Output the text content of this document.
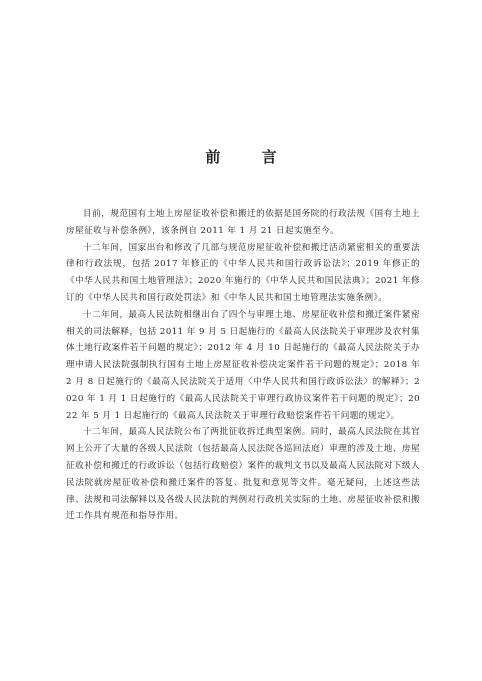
前 言

目前，规范国有土地上房屋征收补偿和搬迁的依据是国务院的行政法规《国有土地上房屋征收与补偿条例》，该条例自 2011 年 1 月 21 日起实施至今。

十二年间，国家出台和修改了几部与规范房屋征收补偿和搬迁活动紧密相关的重要法律和行政法规，包括 2017 年修正的《中华人民共和国行政诉讼法》；2019 年修正的《中华人民共和国土地管理法》；2020 年施行的《中华人民共和国民法典》；2021 年修订的《中华人民共和国行政处罚法》和《中华人民共和国土地管理法实施条例》。

十二年间，最高人民法院相继出台了四个与审理土地、房屋征收补偿和搬迁案件紧密相关的司法解释，包括 2011 年 9 月 5 日起施行的《最高人民法院关于审理涉及农村集体土地行政案件若干问题的规定》；2012 年 4 月 10 日起施行的《最高人民法院关于办理申请人民法院强制执行国有土地上房屋征收补偿决定案件若干问题的规定》；2018 年 2 月 8 日起施行的《最高人民法院关于适用〈中华人民共和国行政诉讼法〉的解释》；2020 年 1 月 1 日起施行的《最高人民法院关于审理行政协议案件若干问题的规定》；2022 年 5 月 1 日起施行的《最高人民法院关于审理行政赔偿案件若干问题的规定》。

十二年间，最高人民法院公布了两批征收拆迁典型案例。同时，最高人民法院在其官网上公开了大量的各级人民法院（包括最高人民法院各巡回法庭）审理的涉及土地、房屋征收补偿和搬迁的行政诉讼（包括行政赔偿）案件的裁判文书以及最高人民法院对下级人民法院就房屋征收补偿和搬迁案件的答复、批复和意见等文件。毫无疑问，上述这些法律、法规和司法解释以及各级人民法院的判例对行政机关实际的土地、房屋征收补偿和搬迁工作具有规范和指导作用。
